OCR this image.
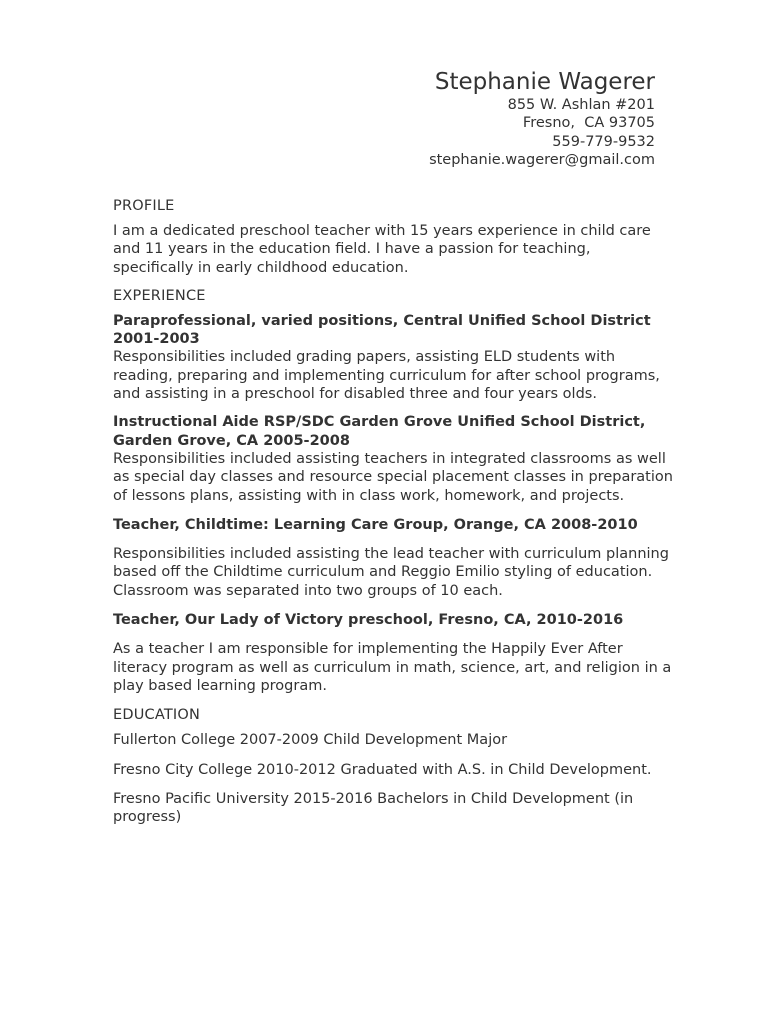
Stephanie Wagerer
855 W. Ashlan #201
Fresno,  CA 93705
559-779-9532
stephanie.wagerer@gmail.com
PROFILE
I am a dedicated preschool teacher with 15 years experience in child care and 11 years in the education field. I have a passion for teaching, specifically in early childhood education.
EXPERIENCE
Paraprofessional, varied positions, Central Unified School District 2001-2003
Responsibilities included grading papers, assisting ELD students with reading, preparing and implementing curriculum for after school programs, and assisting in a preschool for disabled three and four years olds.
Instructional Aide RSP/SDC Garden Grove Unified School District, Garden Grove, CA 2005-2008
Responsibilities included assisting teachers in integrated classrooms as well as special day classes and resource special placement classes in preparation of lessons plans, assisting with in class work, homework, and projects.
Teacher, Childtime: Learning Care Group, Orange, CA 2008-2010
Responsibilities included assisting the lead teacher with curriculum planning based off the Childtime curriculum and Reggio Emilio styling of education. Classroom was separated into two groups of 10 each.
Teacher, Our Lady of Victory preschool, Fresno, CA, 2010-2016
As a teacher I am responsible for implementing the Happily Ever After literacy program as well as curriculum in math, science, art, and religion in a play based learning program.
EDUCATION
Fullerton College 2007-2009 Child Development Major
Fresno City College 2010-2012 Graduated with A.S. in Child Development.
Fresno Pacific University 2015-2016 Bachelors in Child Development (in progress)
